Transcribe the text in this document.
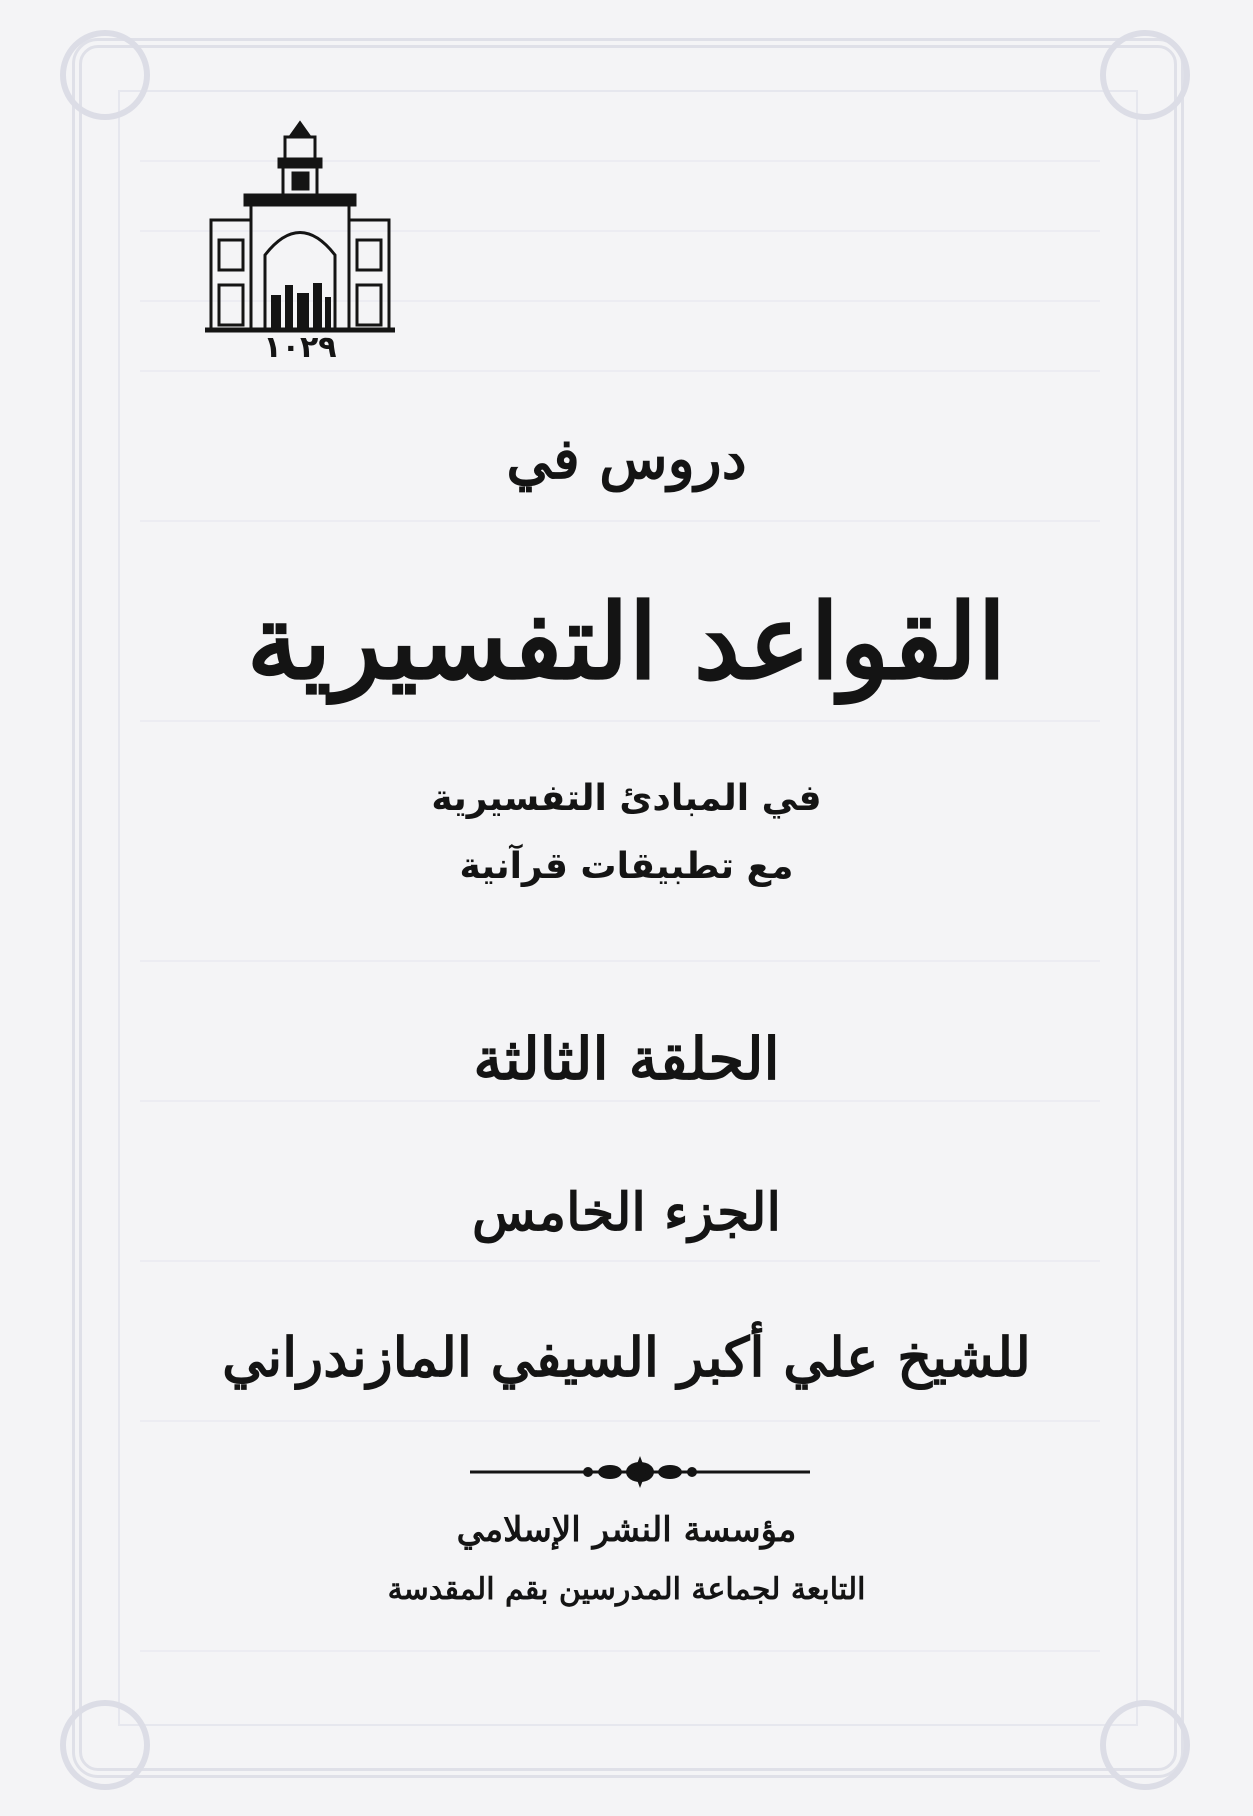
١٠٢٩
دروس في
القواعد التفسيرية
في المبادئ التفسيرية
مع تطبيقات قرآنية
الحلقة الثالثة
الجزء الخامس
للشيخ علي أكبر السيفي المازندراني
مؤسسة النشر الإسلامي
التابعة لجماعة المدرسين بقم المقدسة
